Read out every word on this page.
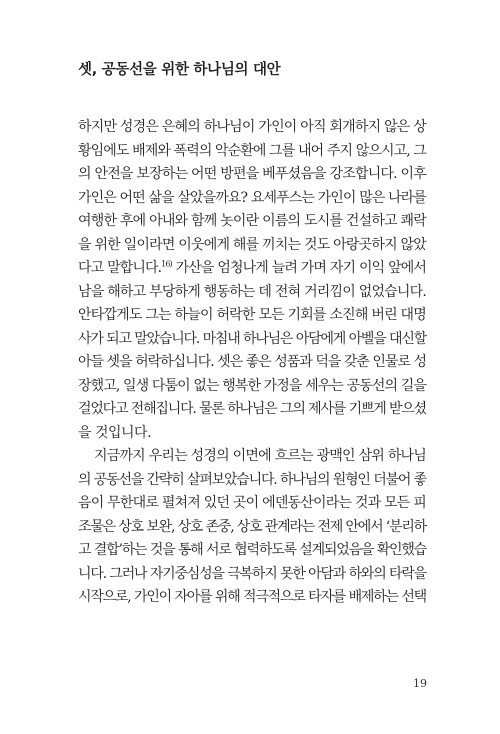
셋, 공동선을 위한 하나님의 대안

하지만 성경은 은혜의 하나님이 가인이 아직 회개하지 않은 상
황임에도 배제와 폭력의 악순환에 그를 내어 주지 않으시고, 그
의 안전을 보장하는 어떤 방편을 베푸셨음을 강조합니다. 이후
가인은 어떤 삶을 살았을까요? 요세푸스는 가인이 많은 나라를
여행한 후에 아내와 함께 놋이란 이름의 도시를 건설하고 쾌락
을 위한 일이라면 이웃에게 해를 끼치는 것도 아랑곳하지 않았
다고 말합니다.$^{16)}$ 가산을 엄청나게 늘려 가며 자기 이익 앞에서
남을 해하고 부당하게 행동하는 데 전혀 거리낌이 없었습니다.
안타깝게도 그는 하늘이 허락한 모든 기회를 소진해 버린 대명
사가 되고 말았습니다. 마침내 하나님은 아담에게 아벨을 대신할
아들 셋을 허락하십니다. 셋은 좋은 성품과 덕을 갖춘 인물로 성
장했고, 일생 다툼이 없는 행복한 가정을 세우는 공동선의 길을
걸었다고 전해집니다. 물론 하나님은 그의 제사를 기쁘게 받으셨
을 것입니다.

지금까지 우리는 성경의 이면에 흐르는 광맥인 삼위 하나님
의 공동선을 간략히 살펴보았습니다. 하나님의 원형인 더불어 좋
음이 무한대로 펼쳐져 있던 곳이 에덴동산이라는 것과 모든 피
조물은 상호 보완, 상호 존중, 상호 관계라는 전제 안에서 ‘분리하
고 결합’하는 것을 통해 서로 협력하도록 설계되었음을 확인했습
니다. 그러나 자기중심성을 극복하지 못한 아담과 하와의 타락을
시작으로, 가인이 자아를 위해 적극적으로 타자를 배제하는 선택

19
